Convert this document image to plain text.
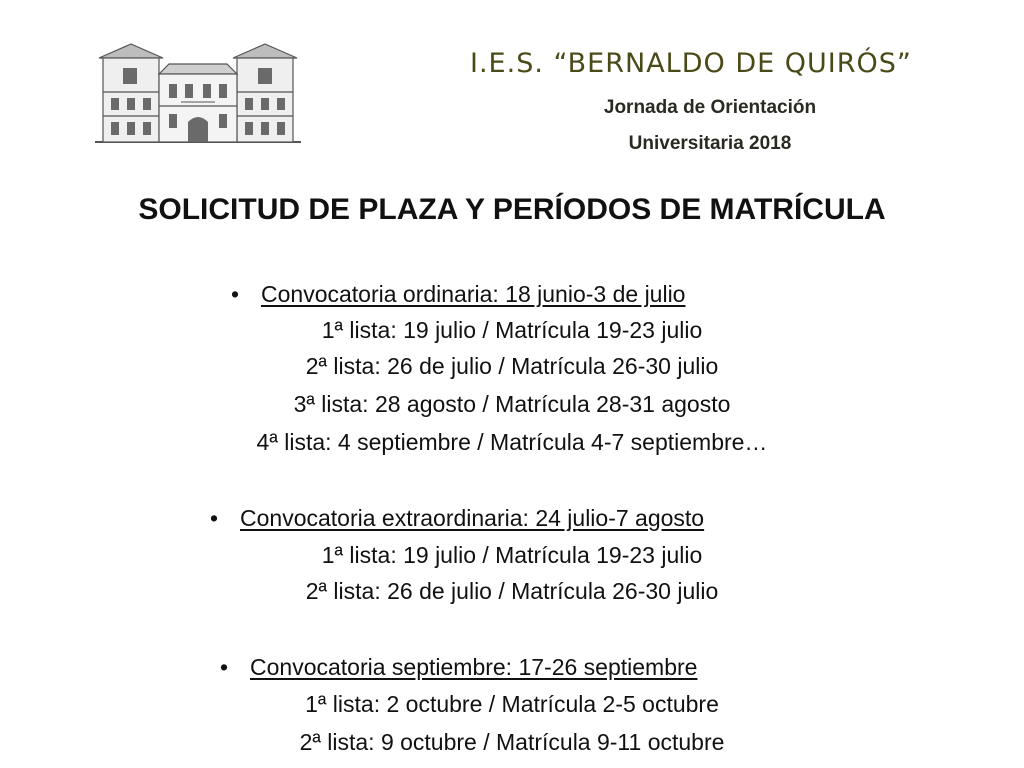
I.E.S. “BERNALDO DE QUIRÓS”
Jornada de Orientación
Universitaria 2018
SOLICITUD DE PLAZA Y PERÍODOS DE MATRÍCULA
• Convocatoria ordinaria: 18 junio-3 de julio
1ª lista: 19 julio / Matrícula 19-23 julio
2ª lista: 26 de julio / Matrícula 26-30 julio
3ª lista: 28 agosto / Matrícula 28-31 agosto
4ª lista: 4 septiembre / Matrícula 4-7 septiembre…
• Convocatoria extraordinaria: 24 julio-7 agosto
1ª lista: 19 julio / Matrícula 19-23 julio
2ª lista: 26 de julio / Matrícula 26-30 julio
• Convocatoria septiembre: 17-26 septiembre
1ª lista: 2 octubre / Matrícula 2-5 octubre
2ª lista: 9 octubre / Matrícula 9-11 octubre
